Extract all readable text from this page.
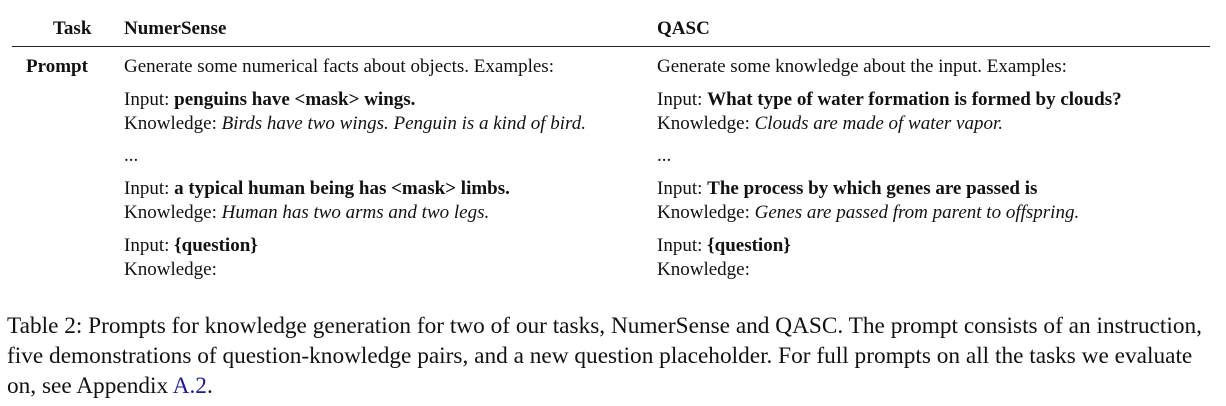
Task NumerSense	QASC
Prompt Generate some numerical facts about objects. Examples:
Input: penguins have <mask> wings.
Knowledge: Birds have two wings. Penguin is a kind of bird.
...
Input: a typical human being has <mask> limbs.
Knowledge: Human has two arms and two legs.
Input: {question}
Knowledge:
Generate some knowledge about the input. Examples:
Input: What type of water formation is formed by clouds?
Knowledge: Clouds are made of water vapor.
...
Input: The process by which genes are passed is
Knowledge: Genes are passed from parent to offspring.
Input: {question}
Knowledge:
Table 2: Prompts for knowledge generation for two of our tasks, NumerSense and QASC. The prompt consists of an instruction, five demonstrations of question-knowledge pairs, and a new question placeholder. For full prompts on all the tasks we evaluate on, see Appendix A.2.
